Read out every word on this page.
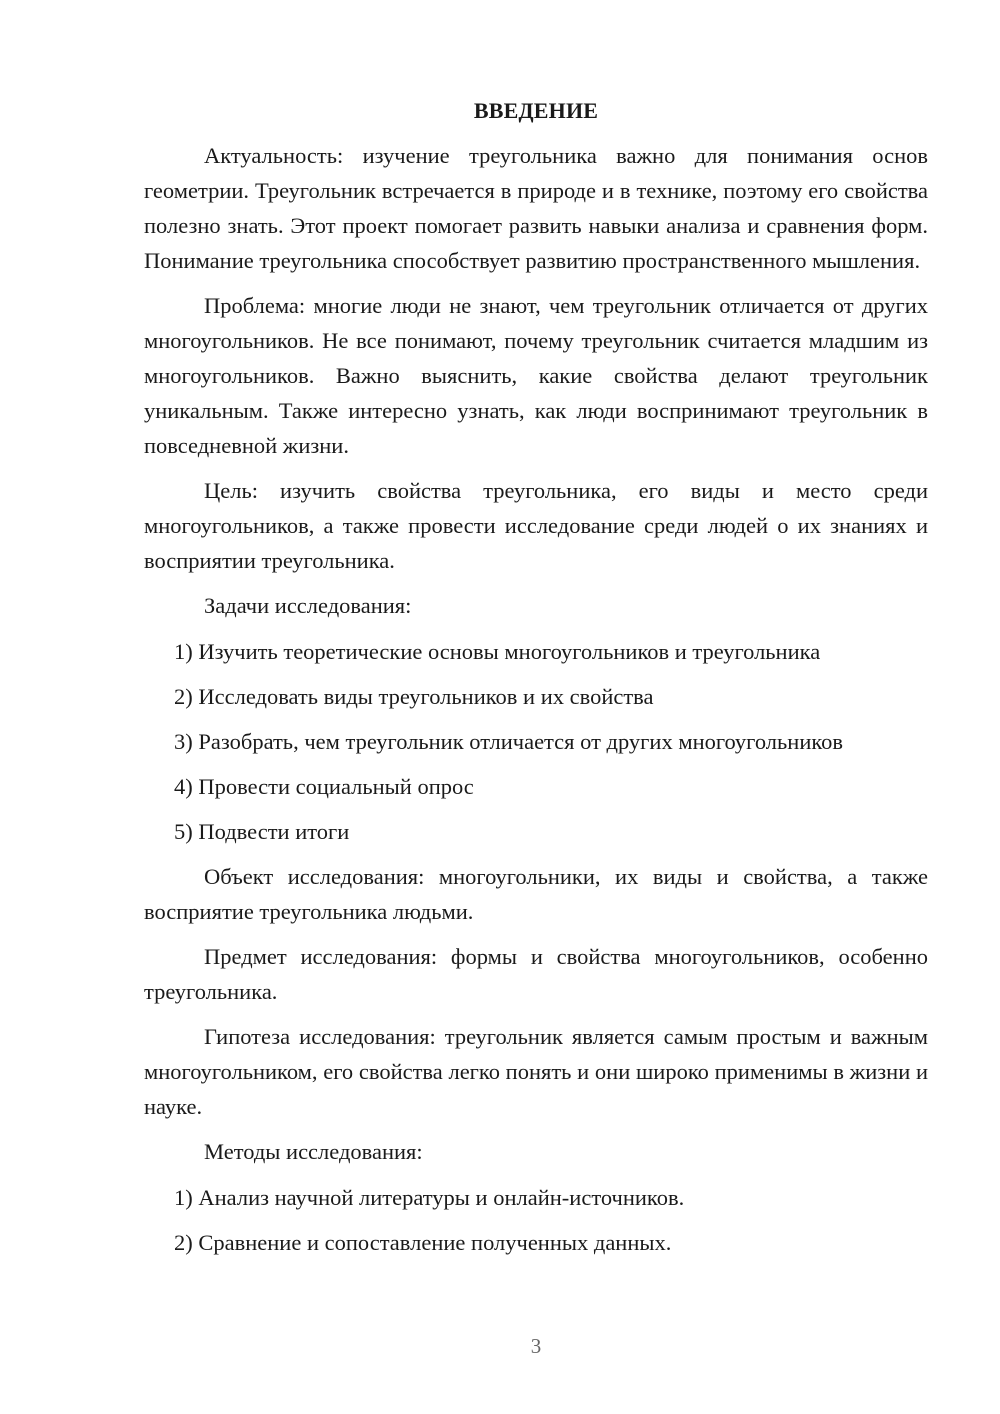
ВВЕДЕНИЕ

Актуальность: изучение треугольника важно для понимания основ геометрии. Треугольник встречается в природе и в технике, поэтому его свойства полезно знать. Этот проект помогает развить навыки анализа и сравнения форм. Понимание треугольника способствует развитию пространственного мышления.

Проблема: многие люди не знают, чем треугольник отличается от других многоугольников. Не все понимают, почему треугольник считается младшим из многоугольников. Важно выяснить, какие свойства делают треугольник уникальным. Также интересно узнать, как люди воспринимают треугольник в повседневной жизни.

Цель: изучить свойства треугольника, его виды и место среди многоугольников, а также провести исследование среди людей о их знаниях и восприятии треугольника.

Задачи исследования:

1) Изучить теоретические основы многоугольников и треугольника

2) Исследовать виды треугольников и их свойства

3) Разобрать, чем треугольник отличается от других многоугольников

4) Провести социальный опрос

5) Подвести итоги

Объект исследования: многоугольники, их виды и свойства, а также восприятие треугольника людьми.

Предмет исследования: формы и свойства многоугольников, особенно треугольника.

Гипотеза исследования: треугольник является самым простым и важным многоугольником, его свойства легко понять и они широко применимы в жизни и науке.

Методы исследования:

1) Анализ научной литературы и онлайн-источников.

2) Сравнение и сопоставление полученных данных.

3
